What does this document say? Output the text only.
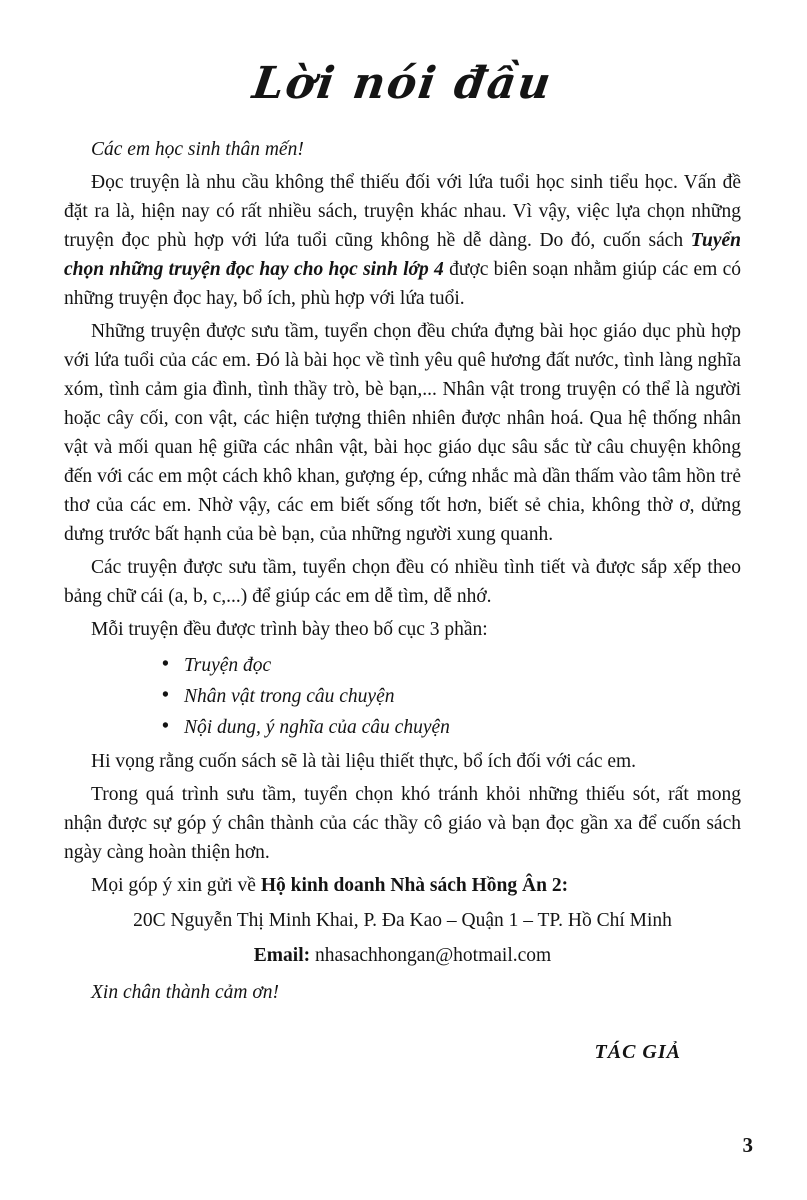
Lời nói đầu

Các em học sinh thân mến!

Đọc truyện là nhu cầu không thể thiếu đối với lứa tuổi học sinh tiểu học. Vấn đề đặt ra là, hiện nay có rất nhiều sách, truyện khác nhau. Vì vậy, việc lựa chọn những truyện đọc phù hợp với lứa tuổi cũng không hề dễ dàng. Do đó, cuốn sách Tuyển chọn những truyện đọc hay cho học sinh lớp 4 được biên soạn nhằm giúp các em có những truyện đọc hay, bổ ích, phù hợp với lứa tuổi.

Những truyện được sưu tầm, tuyển chọn đều chứa đựng bài học giáo dục phù hợp với lứa tuổi của các em. Đó là bài học về tình yêu quê hương đất nước, tình làng nghĩa xóm, tình cảm gia đình, tình thầy trò, bè bạn,... Nhân vật trong truyện có thể là người hoặc cây cối, con vật, các hiện tượng thiên nhiên được nhân hoá. Qua hệ thống nhân vật và mối quan hệ giữa các nhân vật, bài học giáo dục sâu sắc từ câu chuyện không đến với các em một cách khô khan, gượng ép, cứng nhắc mà dần thấm vào tâm hồn trẻ thơ của các em. Nhờ vậy, các em biết sống tốt hơn, biết sẻ chia, không thờ ơ, dửng dưng trước bất hạnh của bè bạn, của những người xung quanh.

Các truyện được sưu tầm, tuyển chọn đều có nhiều tình tiết và được sắp xếp theo bảng chữ cái (a, b, c,...) để giúp các em dễ tìm, dễ nhớ.

Mỗi truyện đều được trình bày theo bố cục 3 phần:

• Truyện đọc
• Nhân vật trong câu chuyện
• Nội dung, ý nghĩa của câu chuyện

Hi vọng rằng cuốn sách sẽ là tài liệu thiết thực, bổ ích đối với các em.

Trong quá trình sưu tầm, tuyển chọn khó tránh khỏi những thiếu sót, rất mong nhận được sự góp ý chân thành của các thầy cô giáo và bạn đọc gần xa để cuốn sách ngày càng hoàn thiện hơn.

Mọi góp ý xin gửi về Hộ kinh doanh Nhà sách Hồng Ân 2:

20C Nguyễn Thị Minh Khai, P. Đa Kao – Quận 1 – TP. Hồ Chí Minh

Email: nhasachhongan@hotmail.com

Xin chân thành cảm ơn!

TÁC GIẢ

3
